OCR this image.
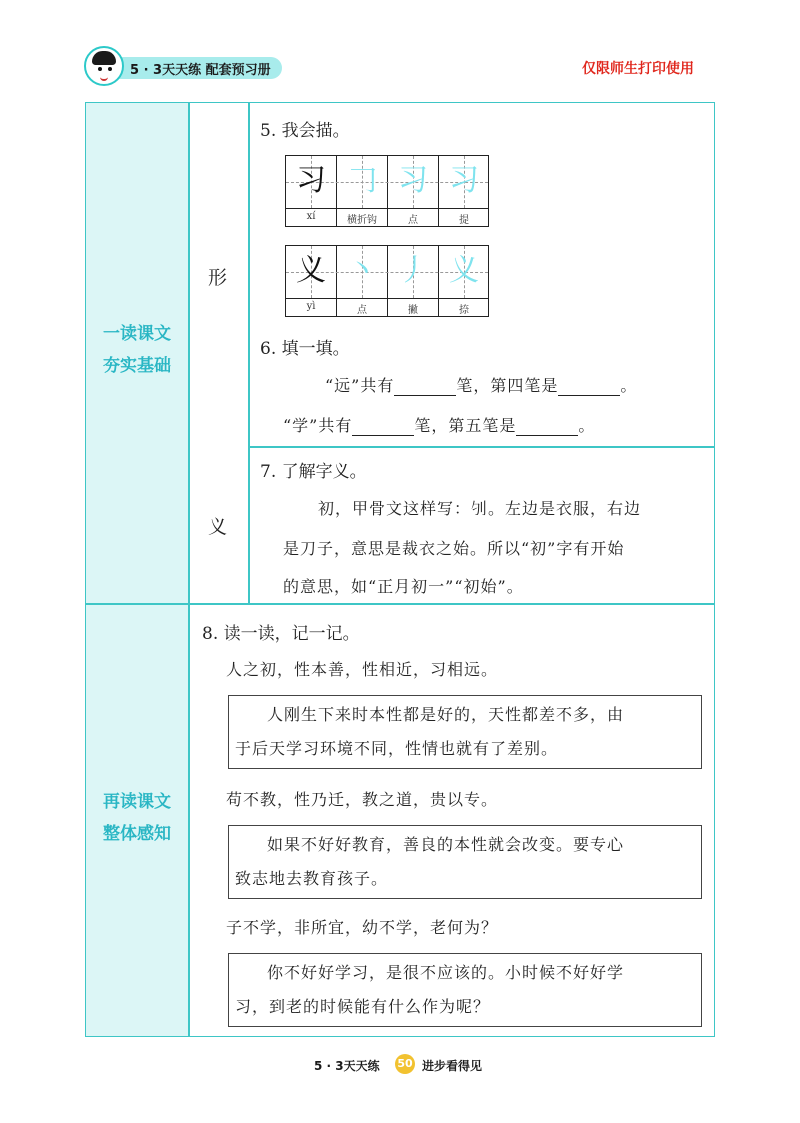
5 · 3天天练 配套预习册	仅限师生打印使用
一读课文
夯实基础
再读课文
整体感知
形
义
5. 我会描。
习 𠃌 习 习
xí	横折钩	点	提
义 丶 丿 义
yì	点	撇	捺
6. 填一填。
“远”共有	笔，第四笔是	。
“学”共有	笔，第五笔是	。
7. 了解字义。
初，甲骨文这样写：𠚭。左边是衣服，右边
是刀子，意思是裁衣之始。所以“初”字有开始
的意思，如“正月初一”“初始”。
8. 读一读，记一记。
人之初，性本善，性相近，习相远。
人刚生下来时本性都是好的，天性都差不多，由
于后天学习环境不同，性情也就有了差别。
苟不教，性乃迁，教之道，贵以专。
如果不好好教育，善良的本性就会改变。要专心
致志地去教育孩子。
子不学，非所宜，幼不学，老何为？
你不好好学习，是很不应该的。小时候不好好学
习，到老的时候能有什么作为呢？
5 · 3天天练 50 进步看得见
